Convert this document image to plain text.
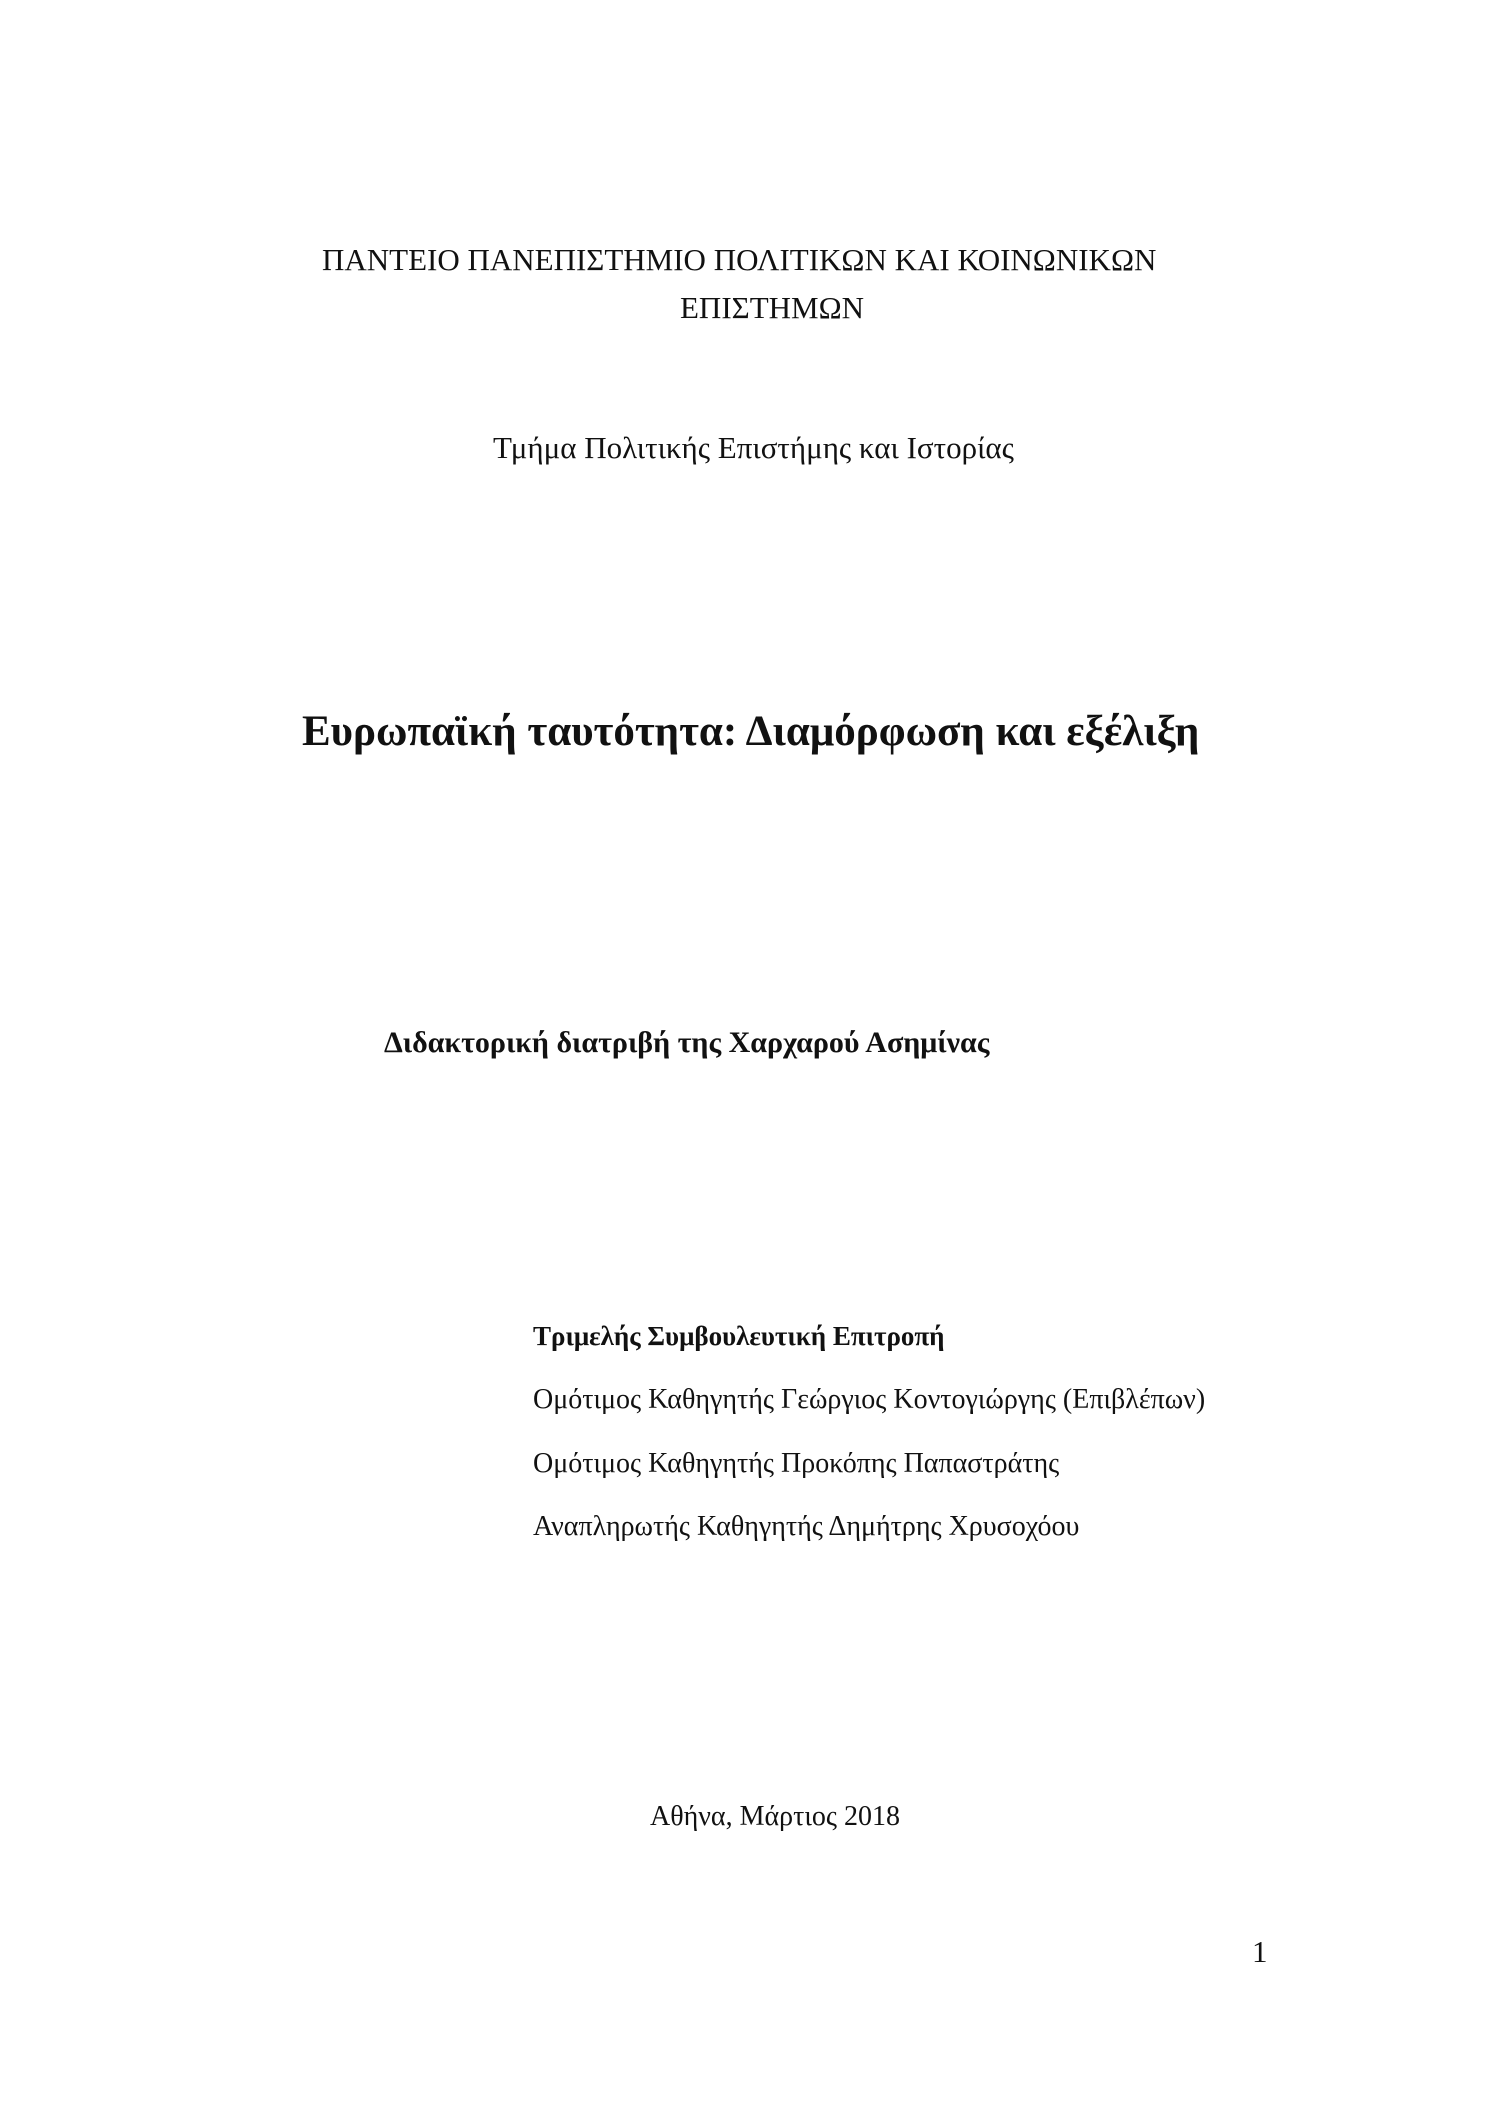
ΠΑΝΤΕΙΟ ΠΑΝΕΠΙΣΤΗΜΙΟ ΠΟΛΙΤΙΚΩΝ ΚΑΙ ΚΟΙΝΩΝΙΚΩΝ
ΕΠΙΣΤΗΜΩΝ
Τμήμα Πολιτικής Επιστήμης και Ιστορίας
Ευρωπαϊκή ταυτότητα: Διαμόρφωση και εξέλιξη
Διδακτορική διατριβή της Χαρχαρού Ασημίνας
Τριμελής Συμβουλευτική Επιτροπή
Ομότιμος Καθηγητής Γεώργιος Κοντογιώργης (Επιβλέπων)
Ομότιμος Καθηγητής Προκόπης Παπαστράτης
Αναπληρωτής Καθηγητής Δημήτρης Χρυσοχόου
Αθήνα, Μάρτιος 2018
1
